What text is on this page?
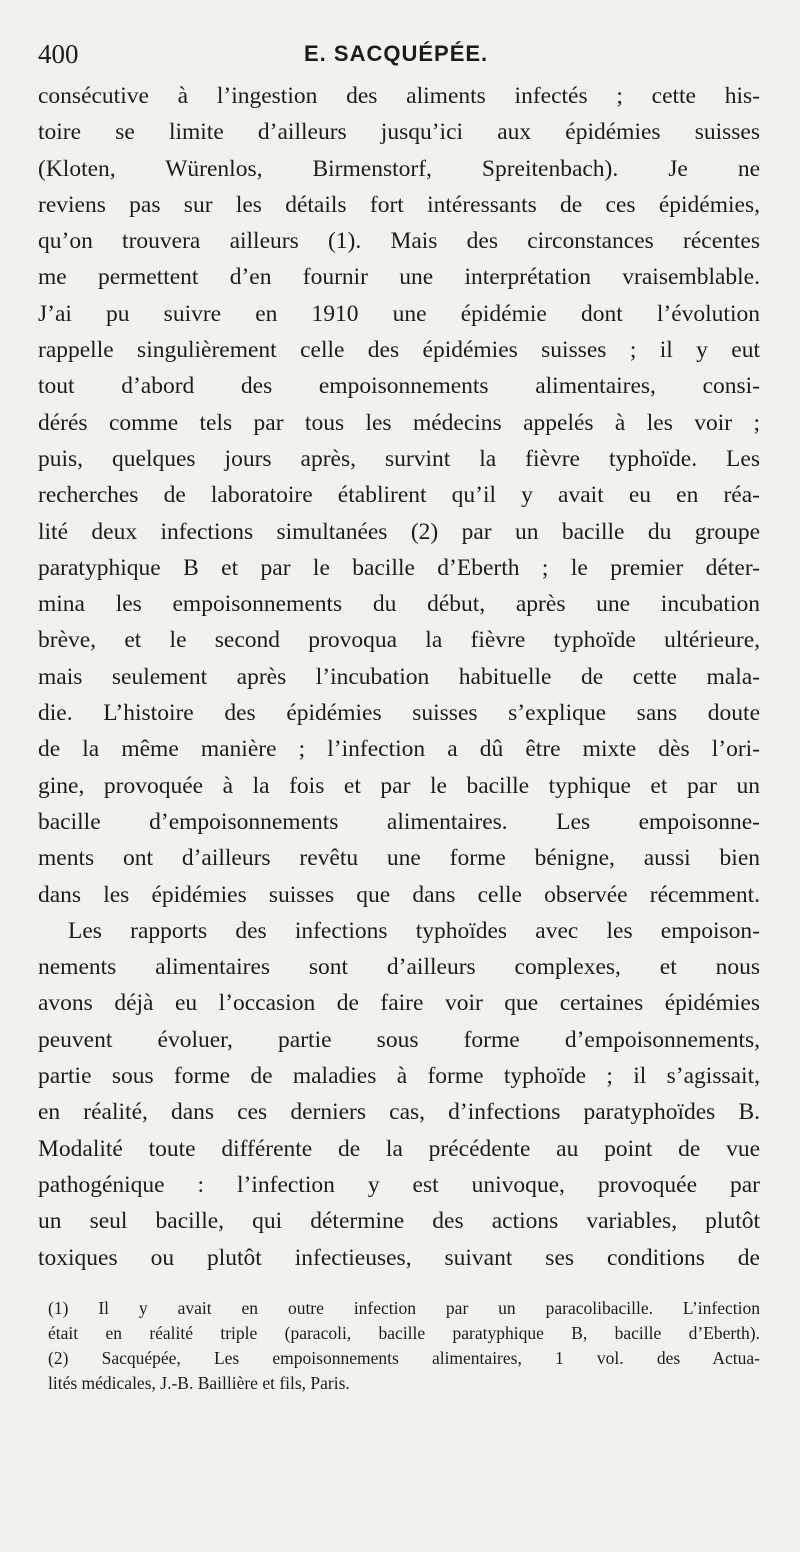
400	E. SACQUÉPÉE.
consécutive à l’ingestion des aliments infectés ; cette his-
toire se limite d’ailleurs jusqu’ici aux épidémies suisses
(Kloten, Würenlos, Birmenstorf, Spreitenbach). Je ne
reviens pas sur les détails fort intéressants de ces épidémies,
qu’on trouvera ailleurs (1). Mais des circonstances récentes
me permettent d’en fournir une interprétation vraisemblable.
J’ai pu suivre en 1910 une épidémie dont l’évolution
rappelle singulièrement celle des épidémies suisses ; il y eut
tout d’abord des empoisonnements alimentaires, consi-
dérés comme tels par tous les médecins appelés à les voir ;
puis, quelques jours après, survint la fièvre typhoïde. Les
recherches de laboratoire établirent qu’il y avait eu en réa-
lité deux infections simultanées (2) par un bacille du groupe
paratyphique B et par le bacille d’Eberth ; le premier déter-
mina les empoisonnements du début, après une incubation
brève, et le second provoqua la fièvre typhoïde ultérieure,
mais seulement après l’incubation habituelle de cette mala-
die. L’histoire des épidémies suisses s’explique sans doute
de la même manière ; l’infection a dû être mixte dès l’ori-
gine, provoquée à la fois et par le bacille typhique et par un
bacille d’empoisonnements alimentaires. Les empoisonne-
ments ont d’ailleurs revêtu une forme bénigne, aussi bien
dans les épidémies suisses que dans celle observée récemment.
Les rapports des infections typhoïdes avec les empoison-
nements alimentaires sont d’ailleurs complexes, et nous
avons déjà eu l’occasion de faire voir que certaines épidémies
peuvent évoluer, partie sous forme d’empoisonnements,
partie sous forme de maladies à forme typhoïde ; il s’agissait,
en réalité, dans ces derniers cas, d’infections paratyphoïdes B.
Modalité toute différente de la précédente au point de vue
pathogénique : l’infection y est univoque, provoquée par
un seul bacille, qui détermine des actions variables, plutôt
toxiques ou plutôt infectieuses, suivant ses conditions de
(1) Il y avait en outre infection par un paracolibacille. L’infection
était en réalité triple (paracoli, bacille paratyphique B, bacille d’Eberth).
(2) Sacquépée, Les empoisonnements alimentaires, 1 vol. des Actua-
lités médicales, J.-B. Baillière et fils, Paris.
